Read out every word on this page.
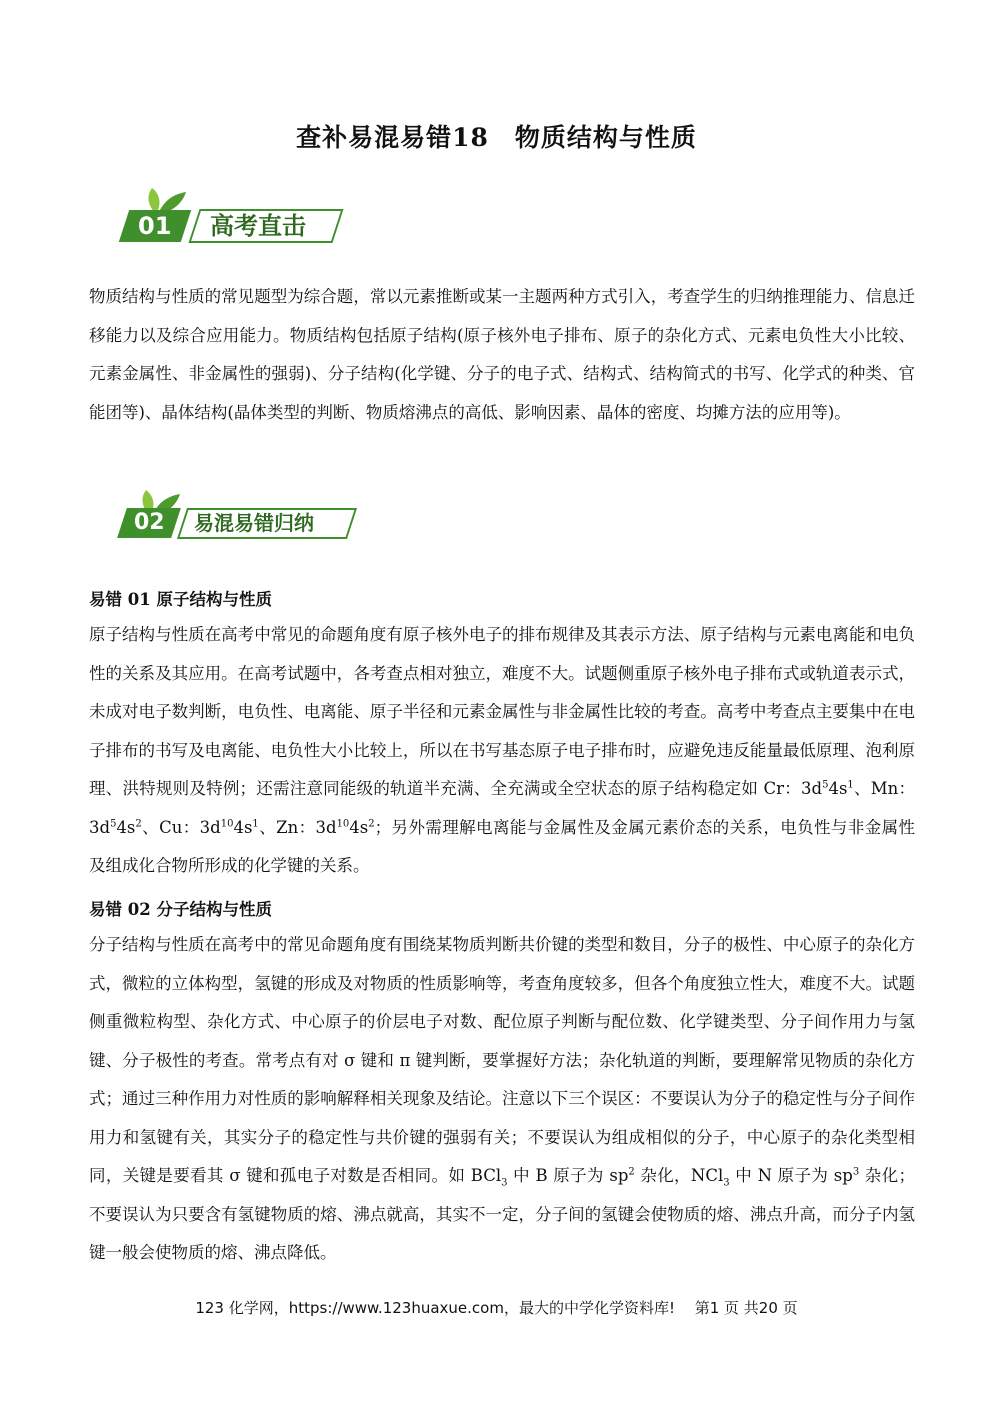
查补易混易错18　物质结构与性质
01	高考直击
物质结构与性质的常见题型为综合题，常以元素推断或某一主题两种方式引入，考查学生的归纳推理能力、信息迁移能力以及综合应用能力。物质结构包括原子结构(原子核外电子排布、原子的杂化方式、元素电负性大小比较、元素金属性、非金属性的强弱)、分子结构(化学键、分子的电子式、结构式、结构简式的书写、化学式的种类、官能团等)、晶体结构(晶体类型的判断、物质熔沸点的高低、影响因素、晶体的密度、均摊方法的应用等)。
02	易混易错归纳
易错 01 原子结构与性质
原子结构与性质在高考中常见的命题角度有原子核外电子的排布规律及其表示方法、原子结构与元素电离能和电负性的关系及其应用。在高考试题中，各考查点相对独立，难度不大。试题侧重原子核外电子排布式或轨道表示式，未成对电子数判断，电负性、电离能、原子半径和元素金属性与非金属性比较的考查。高考中考查点主要集中在电子排布的书写及电离能、电负性大小比较上，所以在书写基态原子电子排布时，应避免违反能量最低原理、泡利原理、洪特规则及特例；还需注意同能级的轨道半充满、全充满或全空状态的原子结构稳定如 Cr：$3d^54s^1$、Mn：$3d^54s^2$、Cu：$3d^{10}4s^1$、Zn：$3d^{10}4s^2$；另外需理解电离能与金属性及金属元素价态的关系，电负性与非金属性及组成化合物所形成的化学键的关系。
易错 02 分子结构与性质
分子结构与性质在高考中的常见命题角度有围绕某物质判断共价键的类型和数目，分子的极性、中心原子的杂化方式，微粒的立体构型，氢键的形成及对物质的性质影响等，考查角度较多，但各个角度独立性大，难度不大。试题侧重微粒构型、杂化方式、中心原子的价层电子对数、配位原子判断与配位数、化学键类型、分子间作用力与氢键、分子极性的考查。常考点有对 σ 键和 π 键判断，要掌握好方法；杂化轨道的判断，要理解常见物质的杂化方式；通过三种作用力对性质的影响解释相关现象及结论。注意以下三个误区：不要误认为分子的稳定性与分子间作用力和氢键有关，其实分子的稳定性与共价键的强弱有关；不要误认为组成相似的分子，中心原子的杂化类型相同，关键是要看其 σ 键和孤电子对数是否相同。如 BCl$_3$ 中 B 原子为 $sp^2$ 杂化，NCl$_3$ 中 N 原子为 $sp^3$ 杂化；不要误认为只要含有氢键物质的熔、沸点就高，其实不一定，分子间的氢键会使物质的熔、沸点升高，而分子内氢键一般会使物质的熔、沸点降低。
123 化学网，https://www.123huaxue.com，最大的中学化学资料库!　 第1 页 共20 页
